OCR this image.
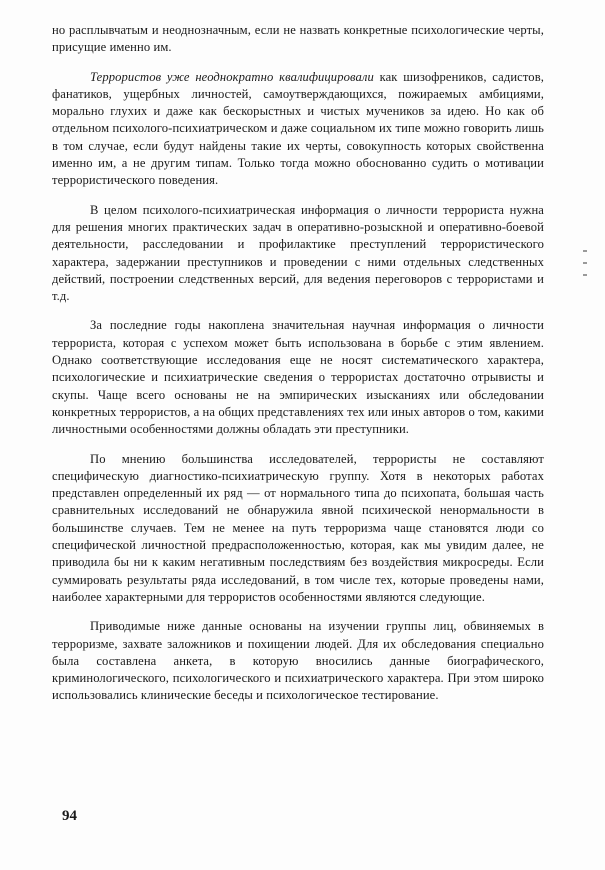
но расплывчатым и неоднозначным, если не назвать конкретные психологические черты, присущие именно им.

Террористов уже неоднократно квалифицировали как шизофреников, садистов, фанатиков, ущербных личностей, самоутверждающихся, пожираемых амбициями, морально глухих и даже как бескорыстных и чистых мучеников за идею. Но как об отдельном психолого-психиатрическом и даже социальном их типе можно говорить лишь в том случае, если будут найдены такие их черты, совокупность которых свойственна именно им, а не другим типам. Только тогда можно обоснованно судить о мотивации террористического поведения.

В целом психолого-психиатрическая информация о личности террориста нужна для решения многих практических задач в оперативно-розыскной и оперативно-боевой деятельности, расследовании и профилактике преступлений террористического характера, задержании преступников и проведении с ними отдельных следственных действий, построении следственных версий, для ведения переговоров с террористами и т.д.

За последние годы накоплена значительная научная информация о личности террориста, которая с успехом может быть использована в борьбе с этим явлением. Однако соответствующие исследования еще не носят систематического характера, психологические и психиатрические сведения о террористах достаточно отрывисты и скупы. Чаще всего основаны не на эмпирических изысканиях или обследовании конкретных террористов, а на общих представлениях тех или иных авторов о том, какими личностными особенностями должны обладать эти преступники.

По мнению большинства исследователей, террористы не составляют специфическую диагностико-психиатрическую группу. Хотя в некоторых работах представлен определенный их ряд — от нормального типа до психопата, большая часть сравнительных исследований не обнаружила явной психической ненормальности в большинстве случаев. Тем не менее на путь терроризма чаще становятся люди со специфической личностной предрасположенностью, которая, как мы увидим далее, не приводила бы ни к каким негативным последствиям без воздействия микросреды. Если суммировать результаты ряда исследований, в том числе тех, которые проведены нами, наиболее характерными для террористов особенностями являются следующие.

Приводимые ниже данные основаны на изучении группы лиц, обвиняемых в терроризме, захвате заложников и похищении людей. Для их обследования специально была составлена анкета, в которую вносились данные биографического, криминологического, психологического и психиатрического характера. При этом широко использовались клинические беседы и психологическое тестирование.

94
